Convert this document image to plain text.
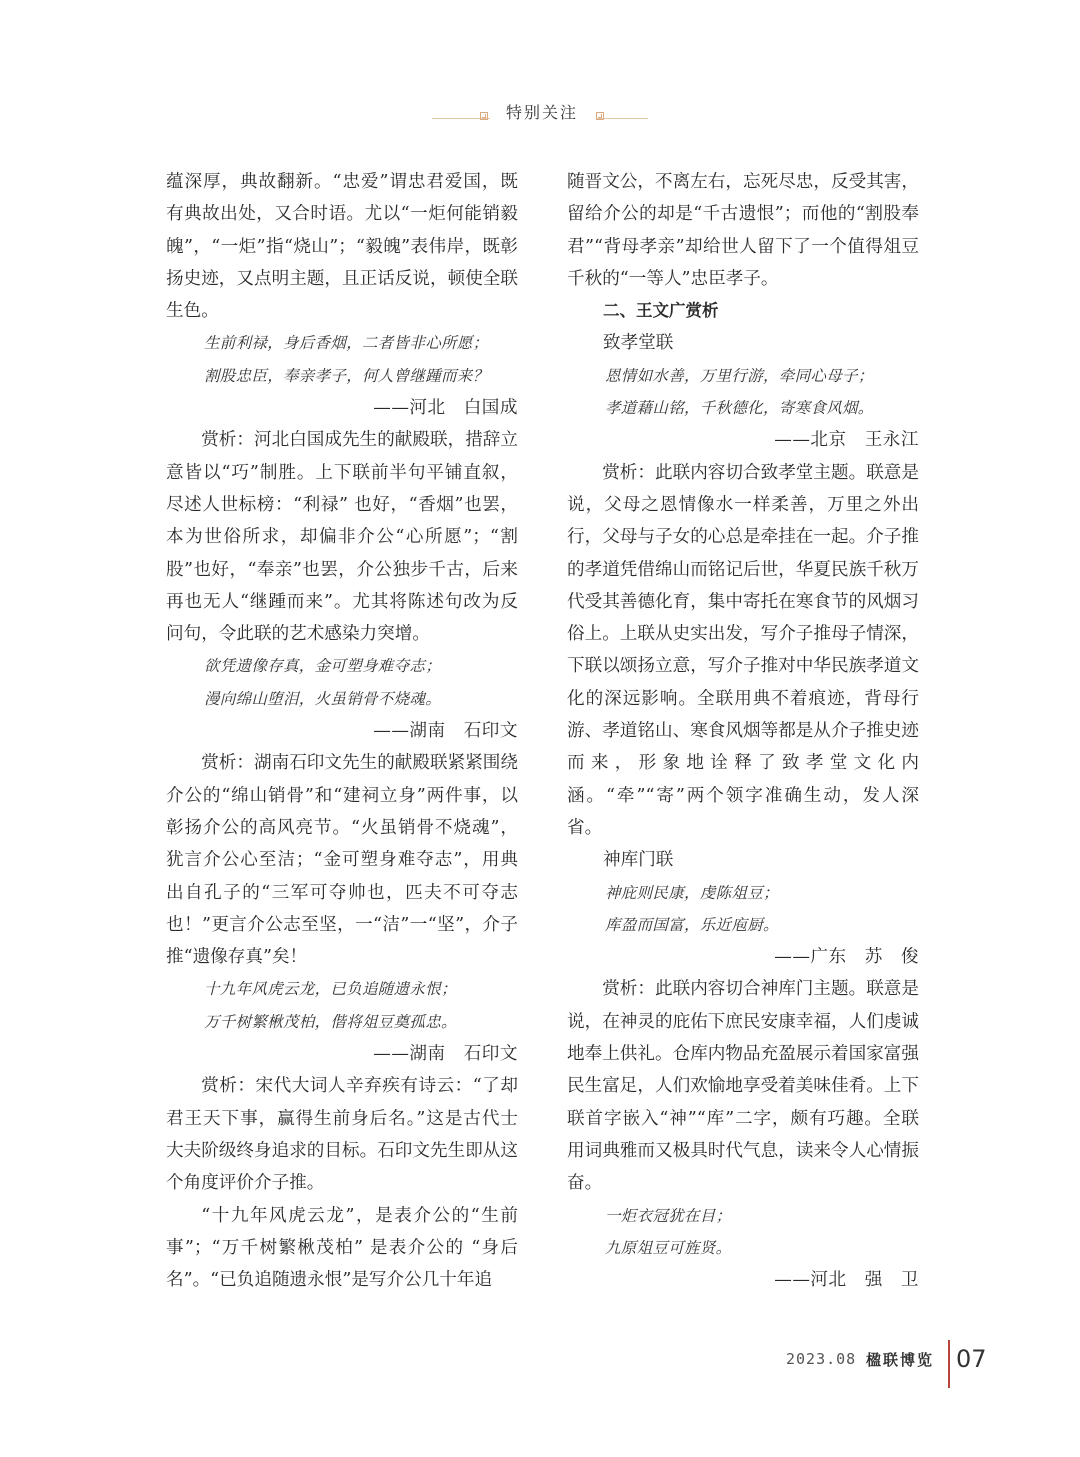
特别关注

蕴深厚，典故翻新。“忠爱”谓忠君爱国，既有典故出处，又合时语。尤以“一炬何能销毅魄”，“一炬”指“烧山”；“毅魄”表伟岸，既彰扬史迹，又点明主题，且正话反说，顿使全联生色。

生前利禄，身后香烟，二者皆非心所愿；

割股忠臣，奉亲孝子，何人曾继踵而来？

——河北　白国成

赏析：河北白国成先生的献殿联，措辞立意皆以“巧”制胜。上下联前半句平铺直叙，尽述人世标榜：“利禄” 也好，“香烟”也罢，本为世俗所求，却偏非介公“心所愿”；“割股”也好，“奉亲”也罢，介公独步千古，后来再也无人“继踵而来”。尤其将陈述句改为反问句，令此联的艺术感染力突增。

欲凭遗像存真，金可塑身难夺志；

漫向绵山堕泪，火虽销骨不烧魂。

——湖南　石印文

赏析：湖南石印文先生的献殿联紧紧围绕介公的“绵山销骨”和“建祠立身”两件事，以彰扬介公的高风亮节。“火虽销骨不烧魂”，犹言介公心至洁；“金可塑身难夺志”，用典出自孔子的“三军可夺帅也，匹夫不可夺志也！”更言介公志至坚，一“洁”一“坚”，介子推“遗像存真”矣！

十九年风虎云龙，已负追随遗永恨；

万千树繁楸茂柏，偕将俎豆奠孤忠。

——湖南　石印文

赏析：宋代大词人辛弃疾有诗云：“了却君王天下事，赢得生前身后名。”这是古代士大夫阶级终身追求的目标。石印文先生即从这个角度评价介子推。

“十九年风虎云龙”，是表介公的“生前事”；“万千树繁楸茂柏” 是表介公的 “身后名”。“已负追随遗永恨”是写介公几十年追

随晋文公，不离左右，忘死尽忠，反受其害，留给介公的却是“千古遗恨”；而他的“割股奉君”“背母孝亲”却给世人留下了一个值得俎豆千秋的“一等人”忠臣孝子。

二、王文广赏析

致孝堂联

恩情如水善，万里行游，牵同心母子；

孝道藉山铭，千秋德化，寄寒食风烟。

——北京　王永江

赏析：此联内容切合致孝堂主题。联意是说，父母之恩情像水一样柔善，万里之外出行，父母与子女的心总是牵挂在一起。介子推的孝道凭借绵山而铭记后世，华夏民族千秋万代受其善德化育，集中寄托在寒食节的风烟习俗上。上联从史实出发，写介子推母子情深，下联以颂扬立意，写介子推对中华民族孝道文化的深远影响。全联用典不着痕迹，背母行游、孝道铭山、寒食风烟等都是从介子推史迹而来，形象地诠释了致孝堂文化内涵。“牵”“寄”两个领字准确生动，发人深省。

神库门联

神庇则民康，虔陈俎豆；

库盈而国富，乐近庖厨。

——广东　苏　俊

赏析：此联内容切合神库门主题。联意是说，在神灵的庇佑下庶民安康幸福，人们虔诚地奉上供礼。仓库内物品充盈展示着国家富强民生富足，人们欢愉地享受着美味佳肴。上下联首字嵌入“神”“库”二字，颇有巧趣。全联用词典雅而又极具时代气息，读来令人心情振奋。

一炬衣冠犹在目；

九原俎豆可旌贤。

——河北　强　卫

2023.08 楹联博览 07
